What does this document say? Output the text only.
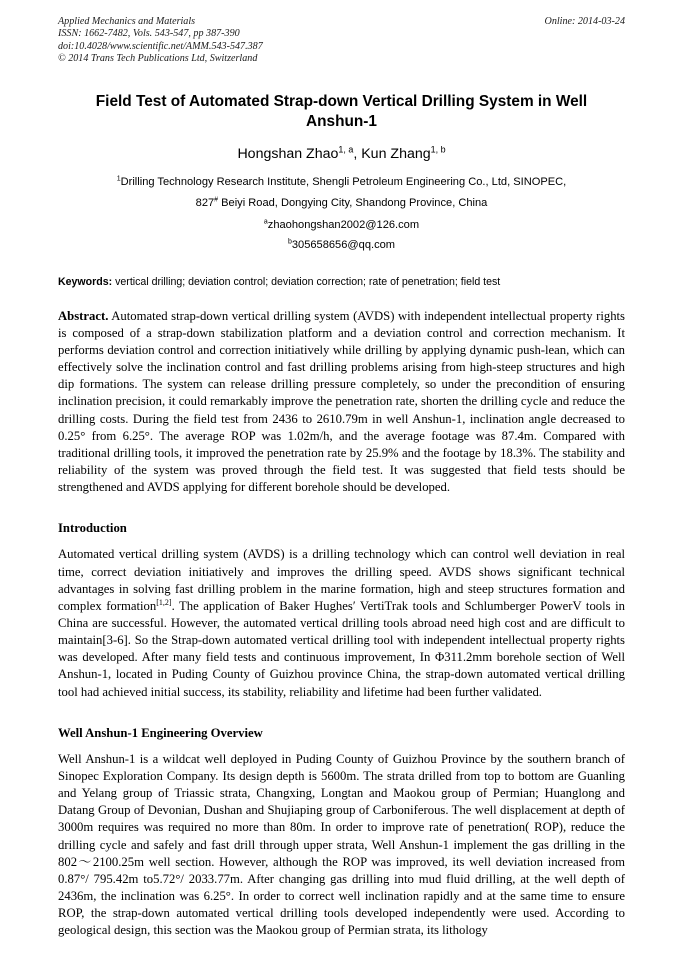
Applied Mechanics and Materials
ISSN: 1662-7482, Vols. 543-547, pp 387-390
doi:10.4028/www.scientific.net/AMM.543-547.387
© 2014 Trans Tech Publications Ltd, Switzerland
Online: 2014-03-24
Field Test of Automated Strap-down Vertical Drilling System in Well Anshun-1
Hongshan Zhao$^{1, a}$, Kun Zhang$^{1, b}$
$^1$Drilling Technology Research Institute, Shengli Petroleum Engineering Co., Ltd, SINOPEC,
827# Beiyi Road, Dongying City, Shandong Province, China
$^a$zhaohongshan2002@126.com
$^b$305658656@qq.com
Keywords: vertical drilling; deviation control; deviation correction; rate of penetration; field test

Abstract. Automated strap-down vertical drilling system (AVDS) with independent intellectual property rights is composed of a strap-down stabilization platform and a deviation control and correction mechanism. It performs deviation control and correction initiatively while drilling by applying dynamic push-lean, which can effectively solve the inclination control and fast drilling problems arising from high-steep structures and high dip formations. The system can release drilling pressure completely, so under the precondition of ensuring inclination precision, it could remarkably improve the penetration rate, shorten the drilling cycle and reduce the drilling costs. During the field test from 2436 to 2610.79m in well Anshun-1, inclination angle decreased to 0.25° from 6.25°. The average ROP was 1.02m/h, and the average footage was 87.4m. Compared with traditional drilling tools, it improved the penetration rate by 25.9% and the footage by 18.3%. The stability and reliability of the system was proved through the field test. It was suggested that field tests should be strengthened and AVDS applying for different borehole should be developed.

Introduction

Automated vertical drilling system (AVDS) is a drilling technology which can control well deviation in real time, correct deviation initiatively and improves the drilling speed. AVDS shows significant technical advantages in solving fast drilling problem in the marine formation, high and steep structures formation and complex formation[1,2]. The application of Baker Hughes′ VertiTrak tools and Schlumberger PowerV tools in China are successful. However, the automated vertical drilling tools abroad need high cost and are difficult to maintain[3-6]. So the Strap-down automated vertical drilling tool with independent intellectual property rights was developed. After many field tests and continuous improvement, In Φ311.2mm borehole section of Well Anshun-1, located in Puding County of Guizhou province China, the strap-down automated vertical drilling tool had achieved initial success, its stability, reliability and lifetime had been further validated.

Well Anshun-1 Engineering Overview

Well Anshun-1 is a wildcat well deployed in Puding County of Guizhou Province by the southern branch of Sinopec Exploration Company. Its design depth is 5600m. The strata drilled from top to bottom are Guanling and Yelang group of Triassic strata, Changxing, Longtan and Maokou group of Permian; Huanglong and Datang Group of Devonian, Dushan and Shujiaping group of Carboniferous. The well displacement at depth of 3000m requires was required no more than 80m. In order to improve rate of penetration( ROP), reduce the drilling cycle and safely and fast drill through upper strata, Well Anshun-1 implement the gas drilling in the 802～2100.25m well section. However, although the ROP was improved, its well deviation increased from 0.87°/ 795.42m to5.72°/ 2033.77m. After changing gas drilling into mud fluid drilling, at the well depth of 2436m, the inclination was 6.25°. In order to correct well inclination rapidly and at the same time to ensure ROP, the strap-down automated vertical drilling tools developed independently were used. According to geological design, this section was the Maokou group of Permian strata, its lithology
